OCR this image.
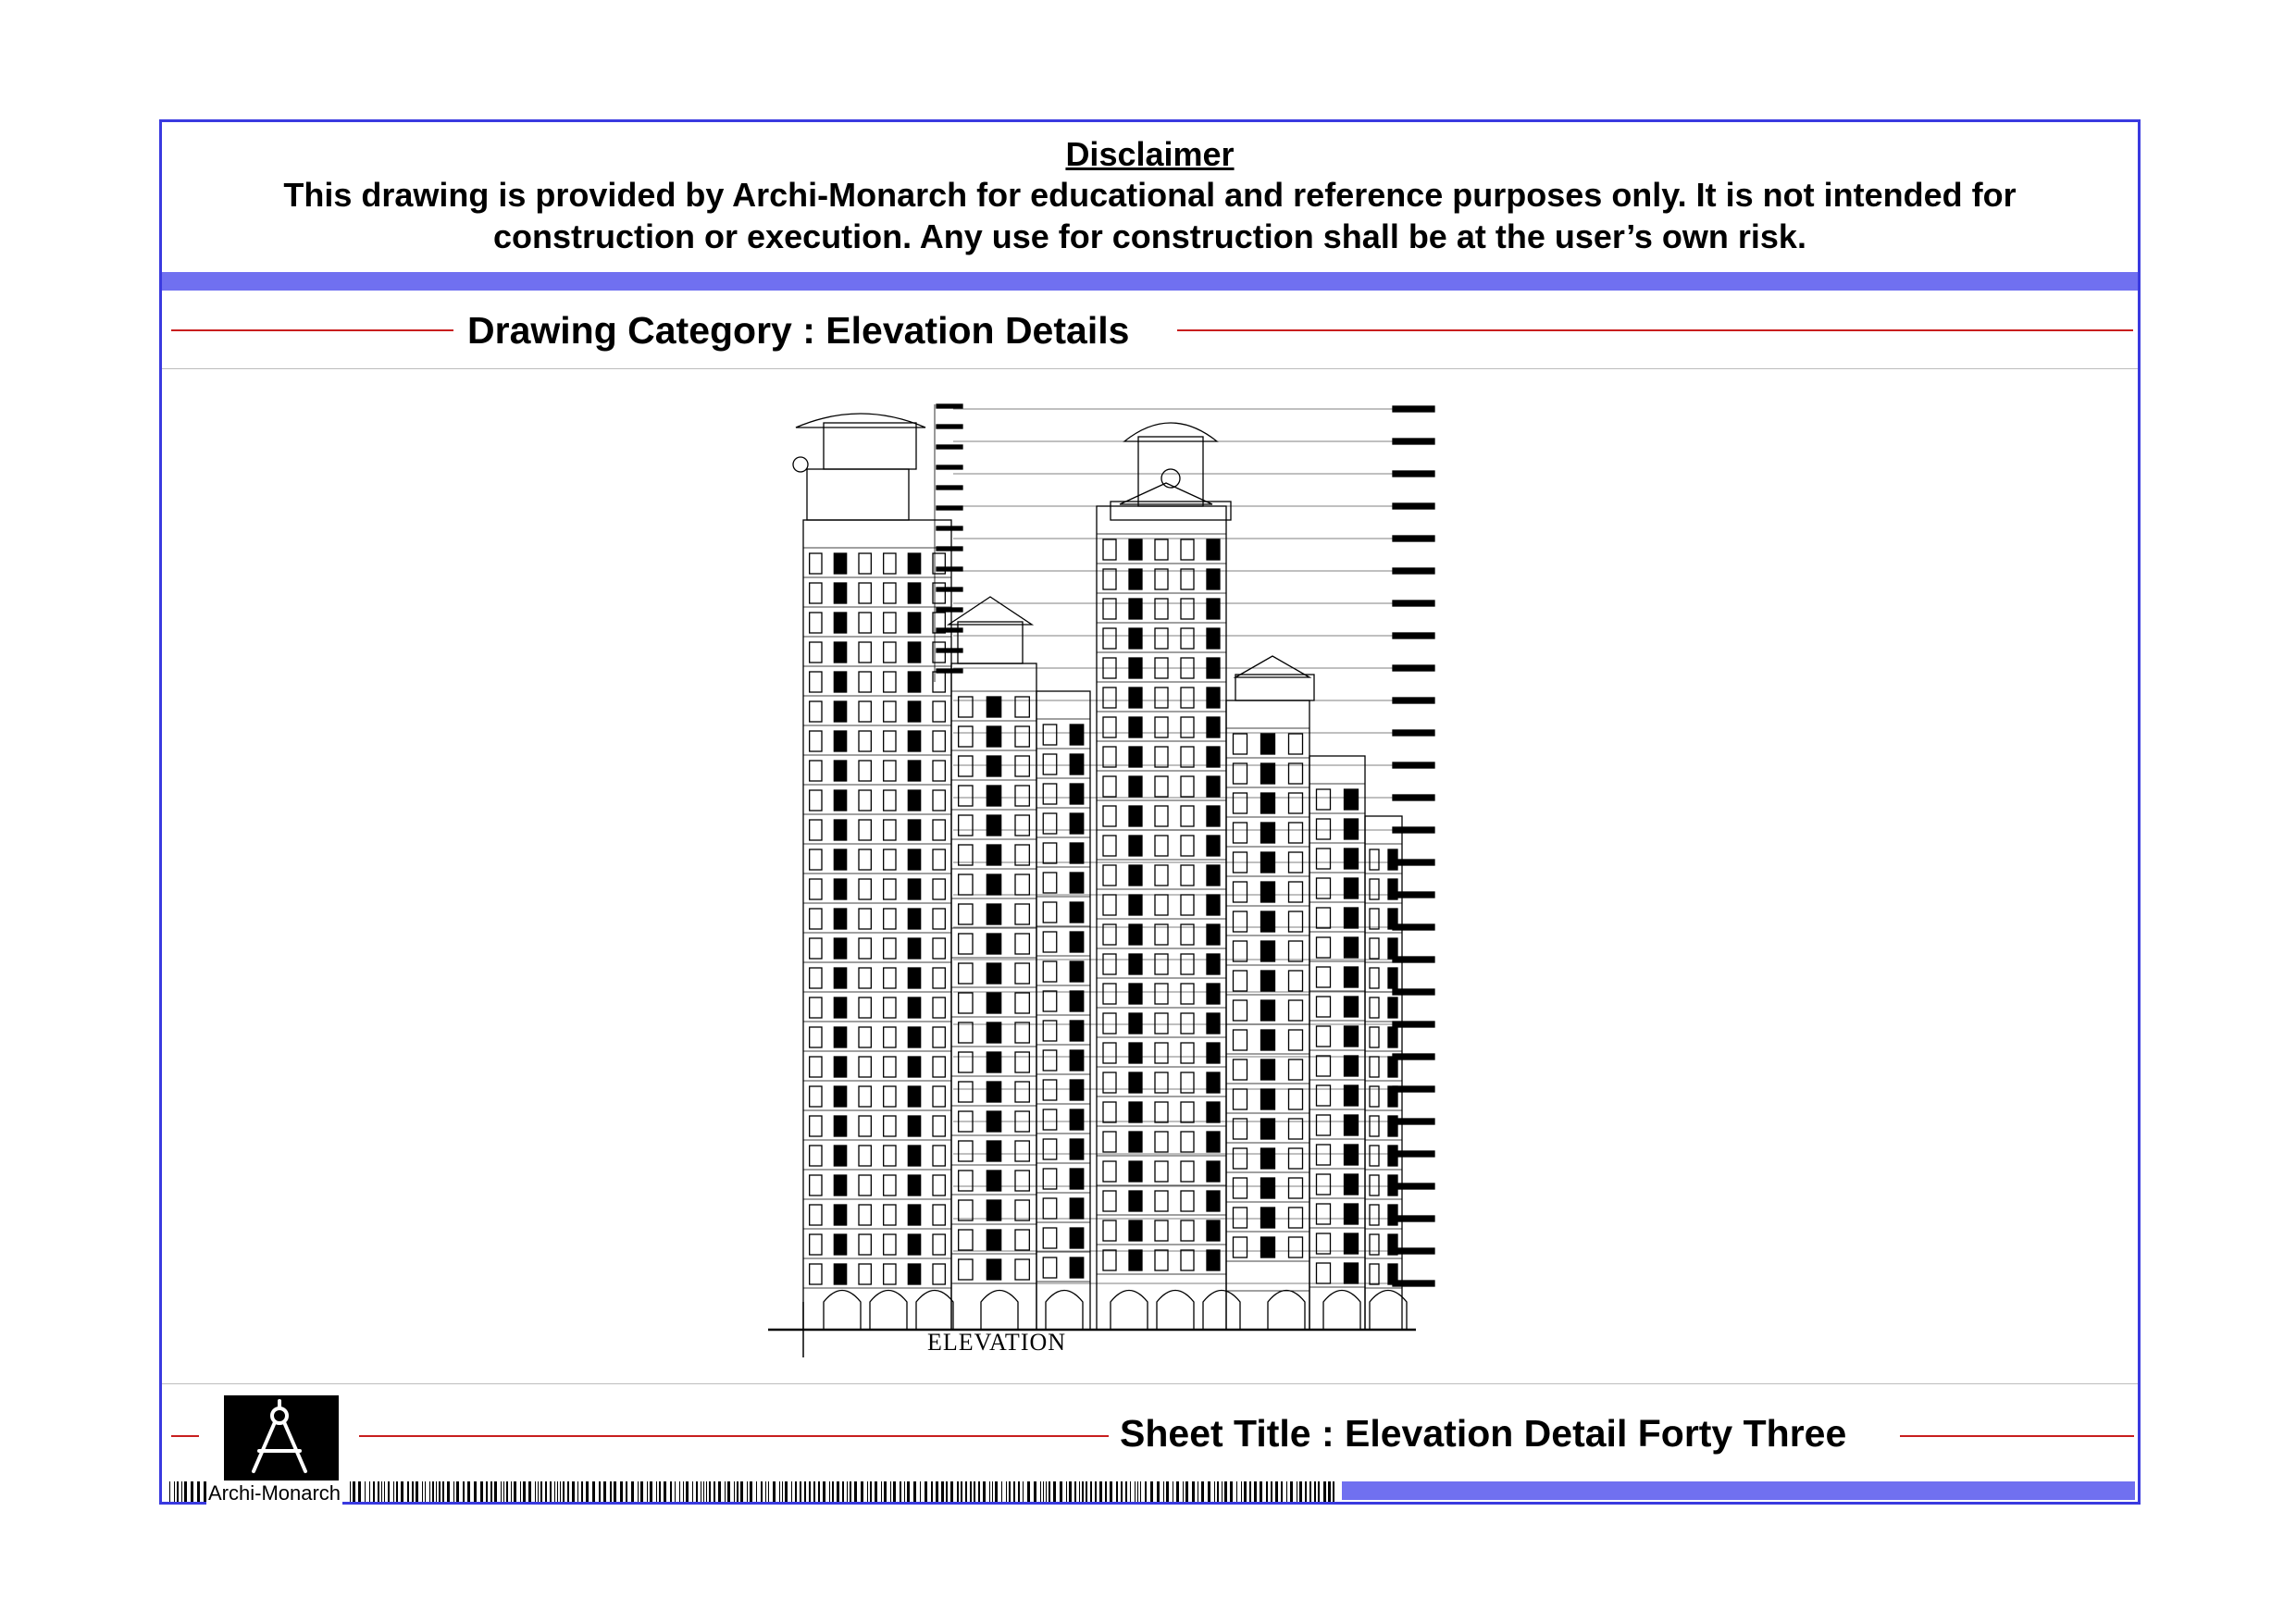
Disclaimer
This drawing is provided by Archi-Monarch for educational and reference purposes only. It is not intended for construction or execution. Any use for construction shall be at the user’s own risk.
Drawing Category : Elevation Details
ELEVATION
Archi-Monarch
Sheet Title : Elevation Detail Forty Three
